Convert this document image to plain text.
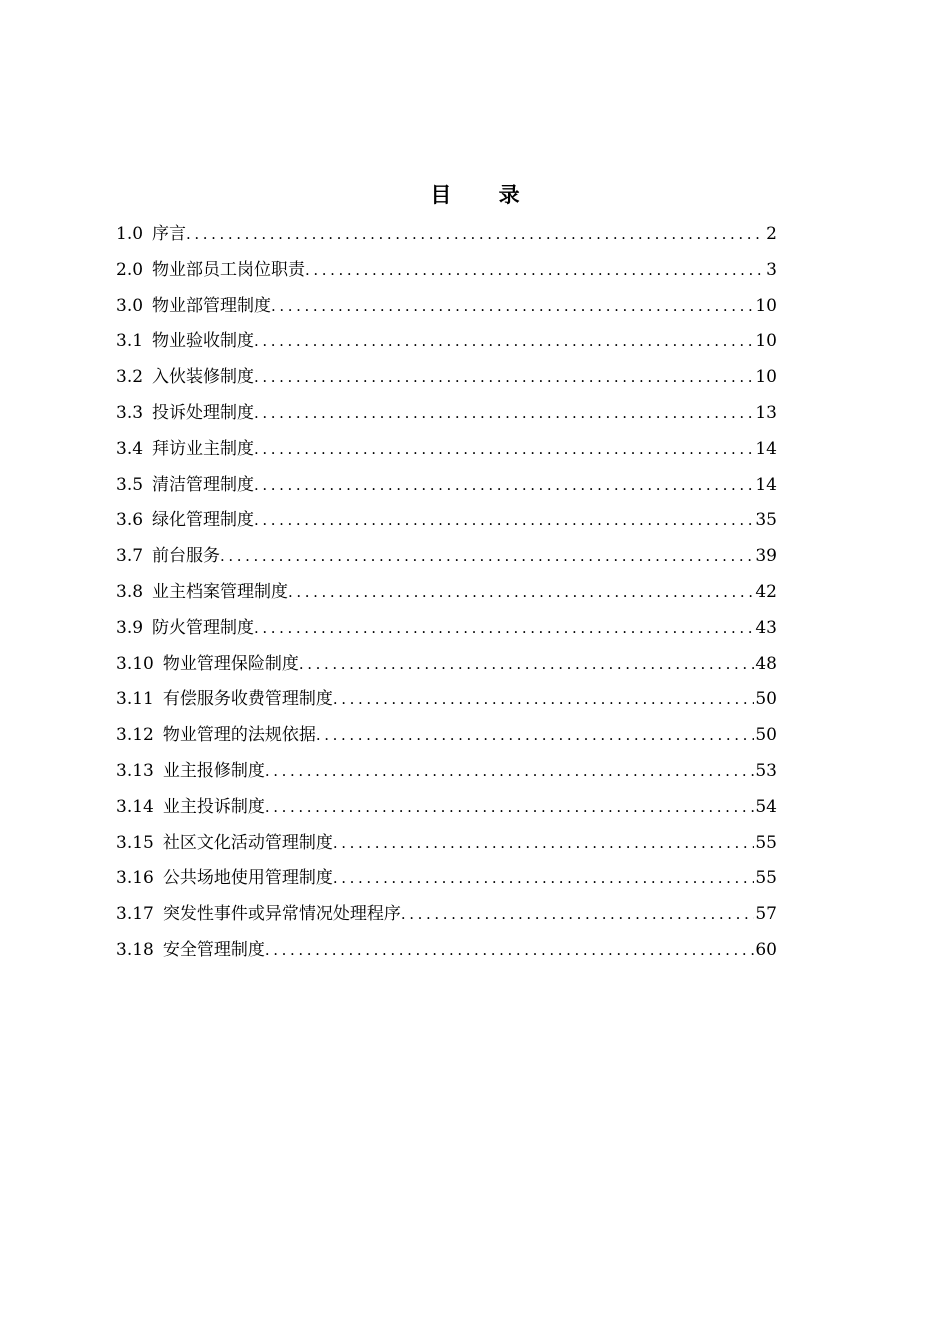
目 录
1.0 序言 .....	2
2.0 物业部员工岗位职责 .....	3
3.0 物业部管理制度 .....	10
3.1 物业验收制度 .....	10
3.2 入伙装修制度 .....	10
3.3 投诉处理制度 .....	13
3.4 拜访业主制度 .....	14
3.5 清洁管理制度 .....	14
3.6 绿化管理制度 .....	35
3.7 前台服务 .....	39
3.8 业主档案管理制度 .....	42
3.9 防火管理制度 .....	43
3.10 物业管理保险制度 .....	48
3.11 有偿服务收费管理制度 .....	50
3.12 物业管理的法规依据 .....	50
3.13 业主报修制度 .....	53
3.14 业主投诉制度 .....	54
3.15 社区文化活动管理制度 .....	55
3.16 公共场地使用管理制度 .....	55
3.17 突发性事件或异常情况处理程序 .....	57
3.18 安全管理制度 .....	60
